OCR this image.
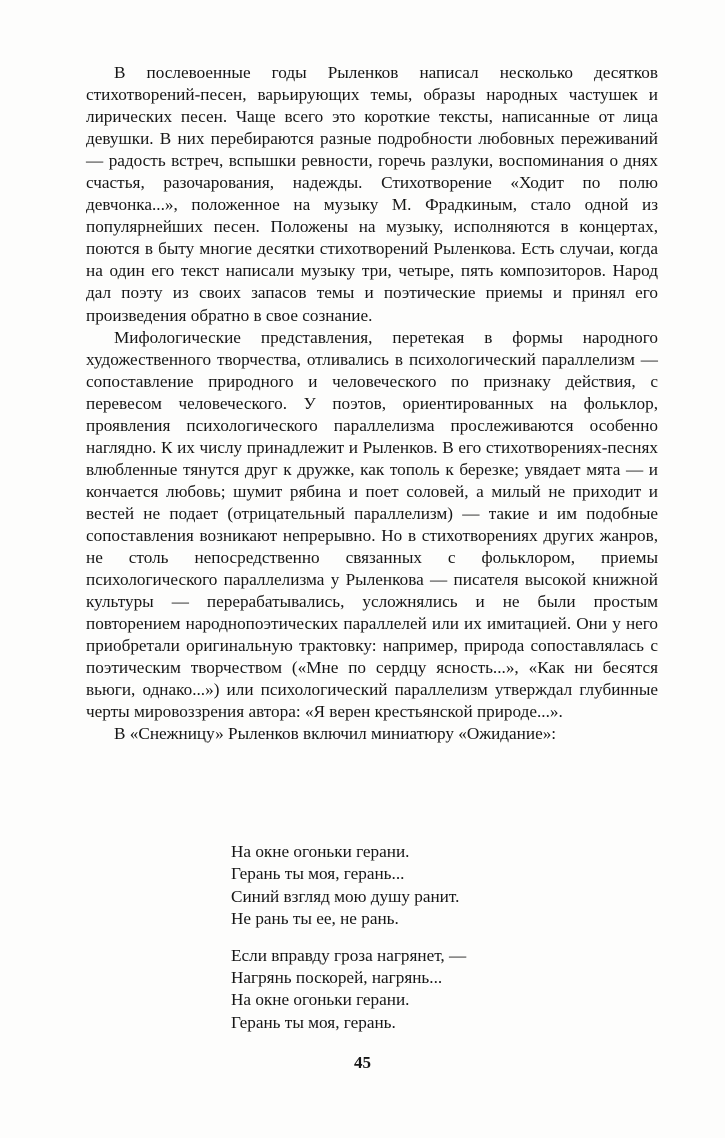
В послевоенные годы Рыленков написал несколько десятков стихотворений-песен, варьирующих темы, образы народных частушек и лирических песен. Чаще всего это короткие тексты, написанные от лица девушки. В них перебираются разные подробности любовных переживаний — радость встреч, вспышки ревности, горечь разлуки, воспоминания о днях счастья, разочарования, надежды. Стихотворение «Ходит по полю девчонка...», положенное на музыку М. Фрадкиным, стало одной из популярнейших песен. Положены на музыку, исполняются в концертах, поются в быту многие десятки стихотворений Рыленкова. Есть случаи, когда на один его текст написали музыку три, четыре, пять композиторов. Народ дал поэту из своих запасов темы и поэтические приемы и принял его произведения обратно в свое сознание.

Мифологические представления, перетекая в формы народного художественного творчества, отливались в психологический параллелизм — сопоставление природного и человеческого по признаку действия, с перевесом человеческого. У поэтов, ориентированных на фольклор, проявления психологического параллелизма прослеживаются особенно наглядно. К их числу принадлежит и Рыленков. В его стихотворениях-песнях влюбленные тянутся друг к дружке, как тополь к березке; увядает мята — и кончается любовь; шумит рябина и поет соловей, а милый не приходит и вестей не подает (отрицательный параллелизм) — такие и им подобные сопоставления возникают непрерывно. Но в стихотворениях других жанров, не столь непосредственно связанных с фольклором, приемы психологического параллелизма у Рыленкова — писателя высокой книжной культуры — перерабатывались, усложнялись и не были простым повторением народнопоэтических параллелей или их имитацией. Они у него приобретали оригинальную трактовку: например, природа сопоставлялась с поэтическим творчеством («Мне по сердцу ясность...», «Как ни бесятся вьюги, однако...») или психологический параллелизм утверждал глубинные черты мировоззрения автора: «Я верен крестьянской природе...».

В «Снежницу» Рыленков включил миниатюру «Ожидание»:

На окне огоньки герани.
Герань ты моя, герань...
Синий взгляд мою душу ранит.
Не рань ты ее, не рань.
Если вправду гроза нагрянет, —
Нагрянь поскорей, нагрянь...
На окне огоньки герани.
Герань ты моя, герань.
45
